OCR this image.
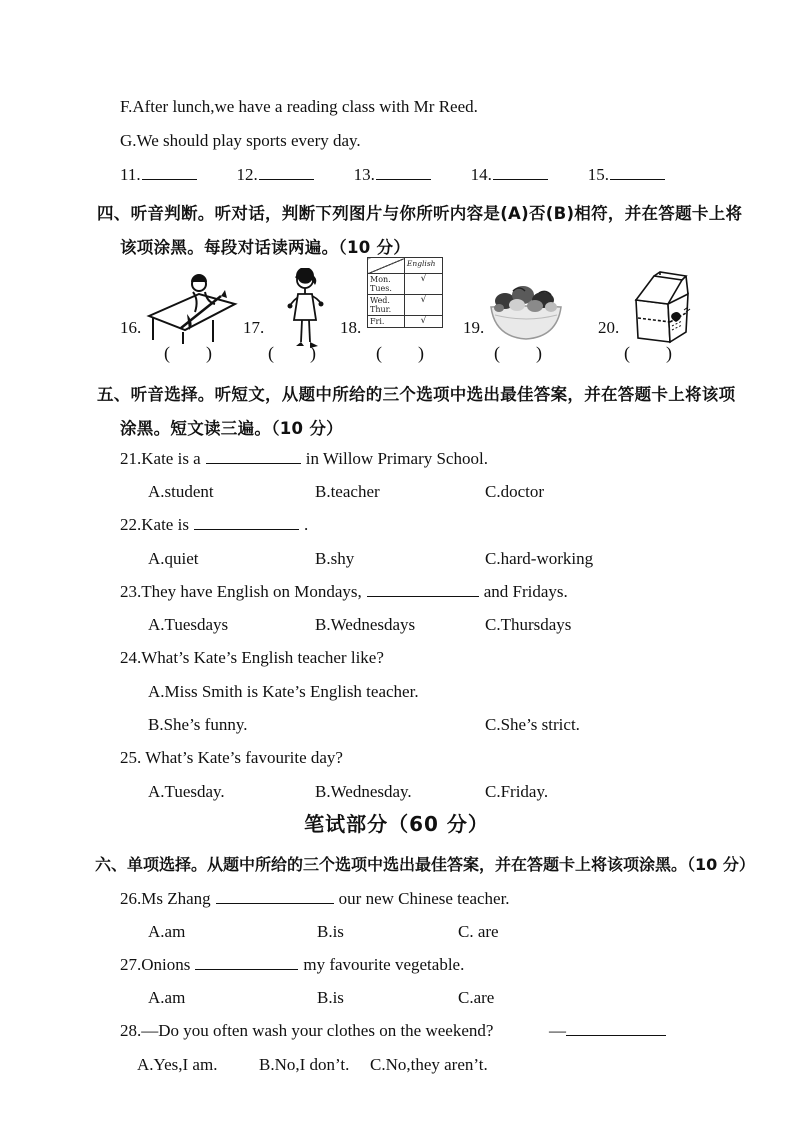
F.After lunch,we have a reading class with Mr Reed.
G.We should play sports every day.
11.	12.	13.	14.	15.
四、听音判断。听对话，判断下列图片与你所听内容是(A)否(B)相符，并在答题卡上将
该项涂黑。每段对话读两遍。（10 分）
16.	17.	18.	19.	20.
	English

Mon.
Tues.	√

Wed.
Thur.	√

Fri.	√
(        )	(        )	(        )	(        )	(        )
五、听音选择。听短文，从题中所给的三个选项中选出最佳答案，并在答题卡上将该项
涂黑。短文读三遍。（10 分）
21.Kate is a	in Willow Primary School.
A.student	B.teacher	C.doctor
22.Kate is	.
A.quiet	B.shy	C.hard-working
23.They have English on Mondays,	and Fridays.
A.Tuesdays	B.Wednesdays	C.Thursdays
24.What’s Kate’s English teacher like?
A.Miss Smith is Kate’s English teacher.
B.She’s funny.	C.She’s strict.
25. What’s Kate’s favourite day?
A.Tuesday.	B.Wednesday.	C.Friday.
笔试部分（60 分）
六、单项选择。从题中所给的三个选项中选出最佳答案，并在答题卡上将该项涂黑。（10 分）
26.Ms Zhang	our new Chinese teacher.
A.am	B.is	C. are
27.Onions	my favourite vegetable.
A.am	B.is	C.are
28.—Do you often wash your clothes on the weekend?	—
A.Yes,I am. B.No,I don’t. C.No,they aren’t.
